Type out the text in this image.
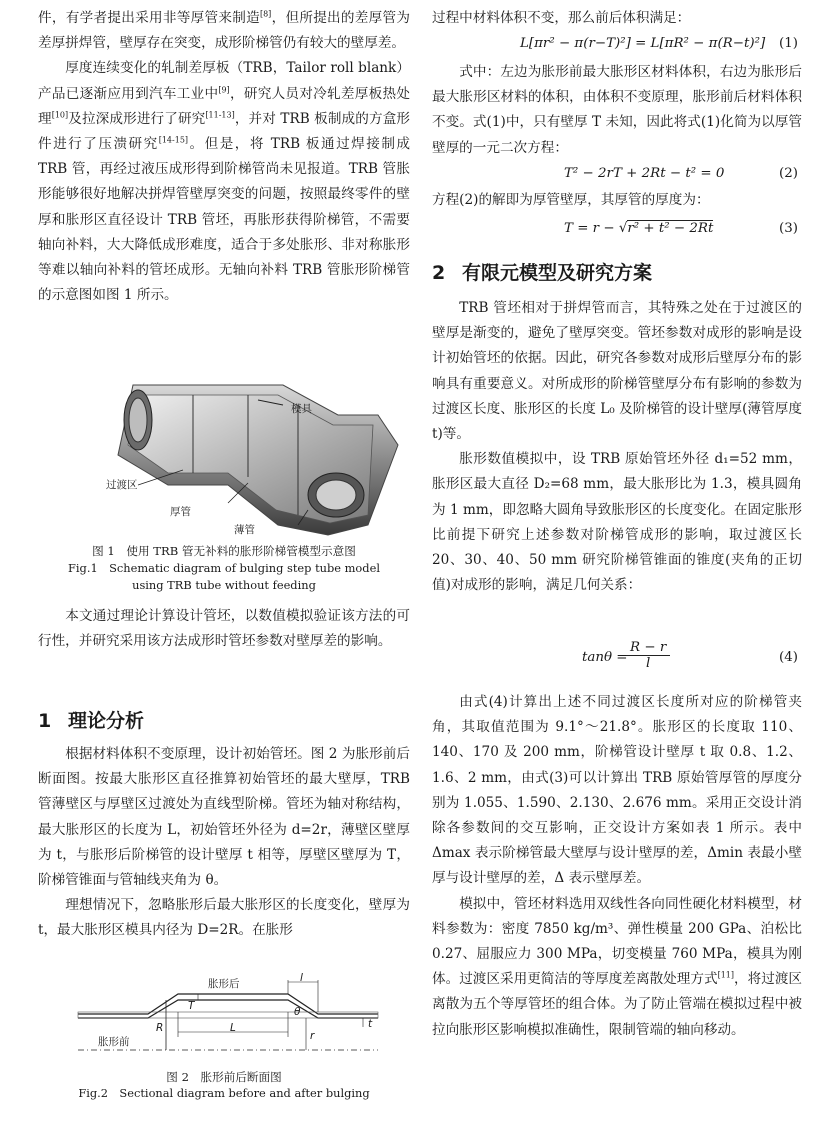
件，有学者提出采用非等厚管来制造[8]，但所提出的差厚管为差厚拼焊管，壁厚存在突变，成形阶梯管仍有较大的壁厚差。

厚度连续变化的轧制差厚板（TRB，Tailor roll blank）产品已逐渐应用到汽车工业中[9]，研究人员对冷轧差厚板热处理[10]及拉深成形进行了研究[11-13]，并对 TRB 板制成的方盒形件进行了压溃研究[14-15]。但是，将 TRB 板通过焊接制成 TRB 管，再经过液压成形得到阶梯管尚未见报道。TRB 管胀形能够很好地解决拼焊管壁厚突变的问题，按照最终零件的壁厚和胀形区直径设计 TRB 管坯，再胀形获得阶梯管，不需要轴向补料，大大降低成形难度，适合于多处胀形、非对称胀形等难以轴向补料的管坯成形。无轴向补料 TRB 管胀形阶梯管的示意图如图 1 所示。

模具
过渡区
厚管
薄管
图 1　使用 TRB 管无补料的胀形阶梯管模型示意图
Fig.1　Schematic diagram of bulging step tube model
using TRB tube without feeding

本文通过理论计算设计管坯，以数值模拟验证该方法的可行性，并研究采用该方法成形时管坯参数对壁厚差的影响。

1 理论分析

根据材料体积不变原理，设计初始管坯。图 2 为胀形前后断面图。按最大胀形区直径推算初始管坯的最大壁厚，TRB 管薄壁区与厚壁区过渡处为直线型阶梯。管坯为轴对称结构，最大胀形区的长度为 L，初始管坯外径为 d=2r，薄壁区壁厚为 t，与胀形后阶梯管的设计壁厚 t 相等，厚壁区壁厚为 T，阶梯管锥面与管轴线夹角为 θ。

理想情况下，忽略胀形后最大胀形区的长度变化，壁厚为 t，最大胀形区模具内径为 D=2R。在胀形

胀形后
胀形前
l
T
R	L
θ
r
t
图 2　胀形前后断面图
Fig.2　Sectional diagram before and after bulging

过程中材料体积不变，那么前后体积满足：

L[πr² − π(r−T)²] = L[πR² − π(R−t)²] (1)

式中：左边为胀形前最大胀形区材料体积，右边为胀形后最大胀形区材料的体积，由体积不变原理，胀形前后材料体积不变。式(1)中，只有壁厚 T 未知，因此将式(1)化简为以厚管壁厚的一元二次方程：

T² − 2rT + 2Rt − t² = 0	(2)

方程(2)的解即为厚管壁厚，其厚管的厚度为：

T = r − √r² + t² − 2Rt	(3)
2 有限元模型及研究方案

TRB 管坯相对于拼焊管而言，其特殊之处在于过渡区的壁厚是渐变的，避免了壁厚突变。管坯参数对成形的影响是设计初始管坯的依据。因此，研究各参数对成形后壁厚分布的影响具有重要意义。对所成形的阶梯管壁厚分布有影响的参数为过渡区长度、胀形区的长度 L₀ 及阶梯管的设计壁厚(薄管厚度 t)等。

胀形数值模拟中，设 TRB 原始管坯外径 d₁=52 mm，胀形区最大直径 D₂=68 mm，最大胀形比为 1.3，模具圆角为 1 mm，即忽略大圆角导致胀形区的长度变化。在固定胀形比前提下研究上述参数对阶梯管成形的影响，取过渡区长 20、30、40、50 mm 研究阶梯管锥面的锥度(夹角的正切值)对成形的影响，满足几何关系：

tanθ =
$\frac{R - r}{l}$	(4)

由式(4)计算出上述不同过渡区长度所对应的阶梯管夹角，其取值范围为 9.1°～21.8°。胀形区的长度取 110、140、170 及 200 mm，阶梯管设计壁厚 t 取 0.8、1.2、1.6、2 mm，由式(3)可以计算出 TRB 原始管厚管的厚度分别为 1.055、1.590、2.130、2.676 mm。采用正交设计消除各参数间的交互影响，正交设计方案如表 1 所示。表中 Δmax 表示阶梯管最大壁厚与设计壁厚的差，Δmin 表最小壁厚与设计壁厚的差，Δ 表示壁厚差。

模拟中，管坯材料选用双线性各向同性硬化材料模型，材料参数为：密度 7850 kg/m³、弹性模量 200 GPa、泊松比 0.27、屈服应力 300 MPa，切变模量 760 MPa，模具为刚体。过渡区采用更简洁的等厚度差离散处理方式[11]，将过渡区离散为五个等厚管坯的组合体。为了防止管端在模拟过程中被拉向胀形区影响模拟准确性，限制管端的轴向移动。
